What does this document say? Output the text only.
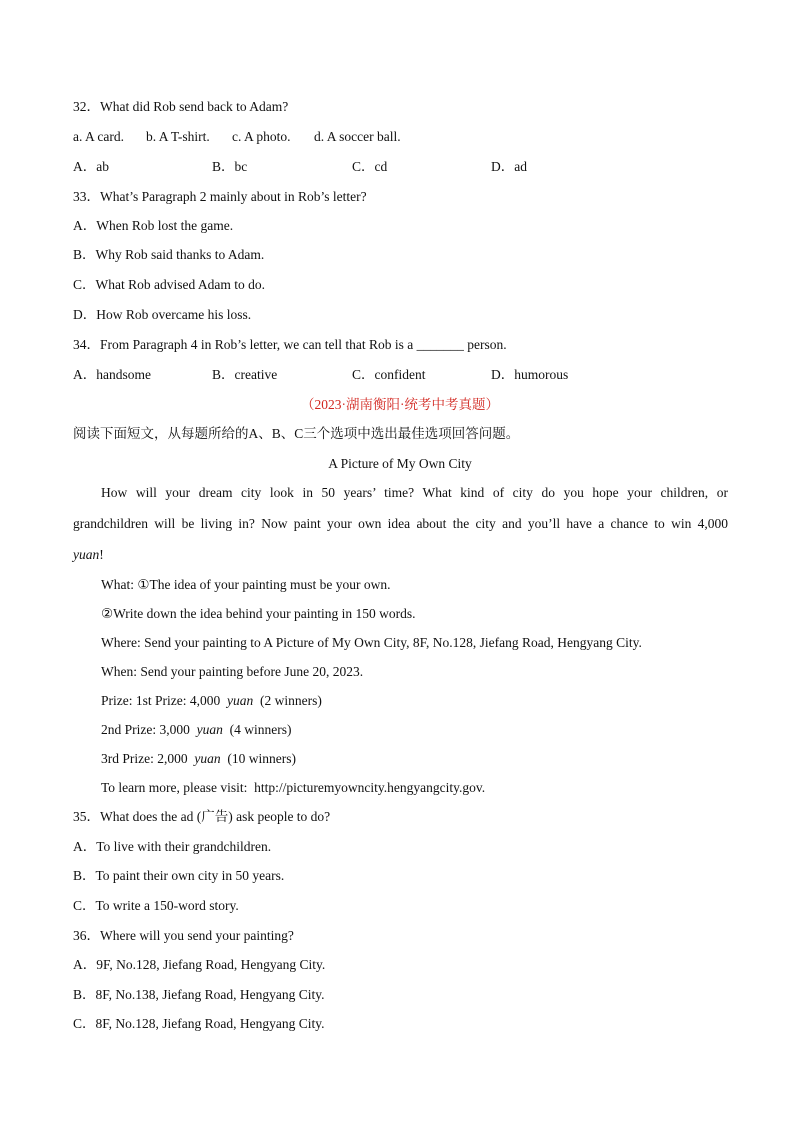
32．What did Rob send back to Adam?
a. A card. b. A T-shirt. c. A photo. d. A soccer ball.
A．ab	B．bc	C．cd	D．ad
33．What’s Paragraph 2 mainly about in Rob’s letter?
A．When Rob lost the game.
B．Why Rob said thanks to Adam.
C．What Rob advised Adam to do.
D．How Rob overcame his loss.
34．From Paragraph 4 in Rob’s letter, we can tell that Rob is a _______ person.
A．handsome	B．creative	C．confident	D．humorous
（2023·湖南衡阳·统考中考真题）
阅读下面短文，从每题所给的A、B、C三个选项中选出最佳选项回答问题。
A Picture of My Own City
How will your dream city look in 50 years’ time? What kind of city do you hope your children, or
grandchildren will be living in? Now paint your own idea about the city and you’ll have a chance to win 4,000
yuan!
What: ①The idea of your painting must be your own.
②Write down the idea behind your painting in 150 words.
Where: Send your painting to A Picture of My Own City, 8F, No.128, Jiefang Road, Hengyang City.
When: Send your painting before June 20, 2023.
Prize: 1st Prize: 4,000 yuan (2 winners)
2nd Prize: 3,000 yuan (4 winners)
3rd Prize: 2,000 yuan (10 winners)
To learn more, please visit: http://picturemyowncity.hengyangcity.gov.
35．What does the ad (广告) ask people to do?
A．To live with their grandchildren.
B．To paint their own city in 50 years.
C．To write a 150-word story.
36．Where will you send your painting?
A．9F, No.128, Jiefang Road, Hengyang City.
B．8F, No.138, Jiefang Road, Hengyang City.
C．8F, No.128, Jiefang Road, Hengyang City.
